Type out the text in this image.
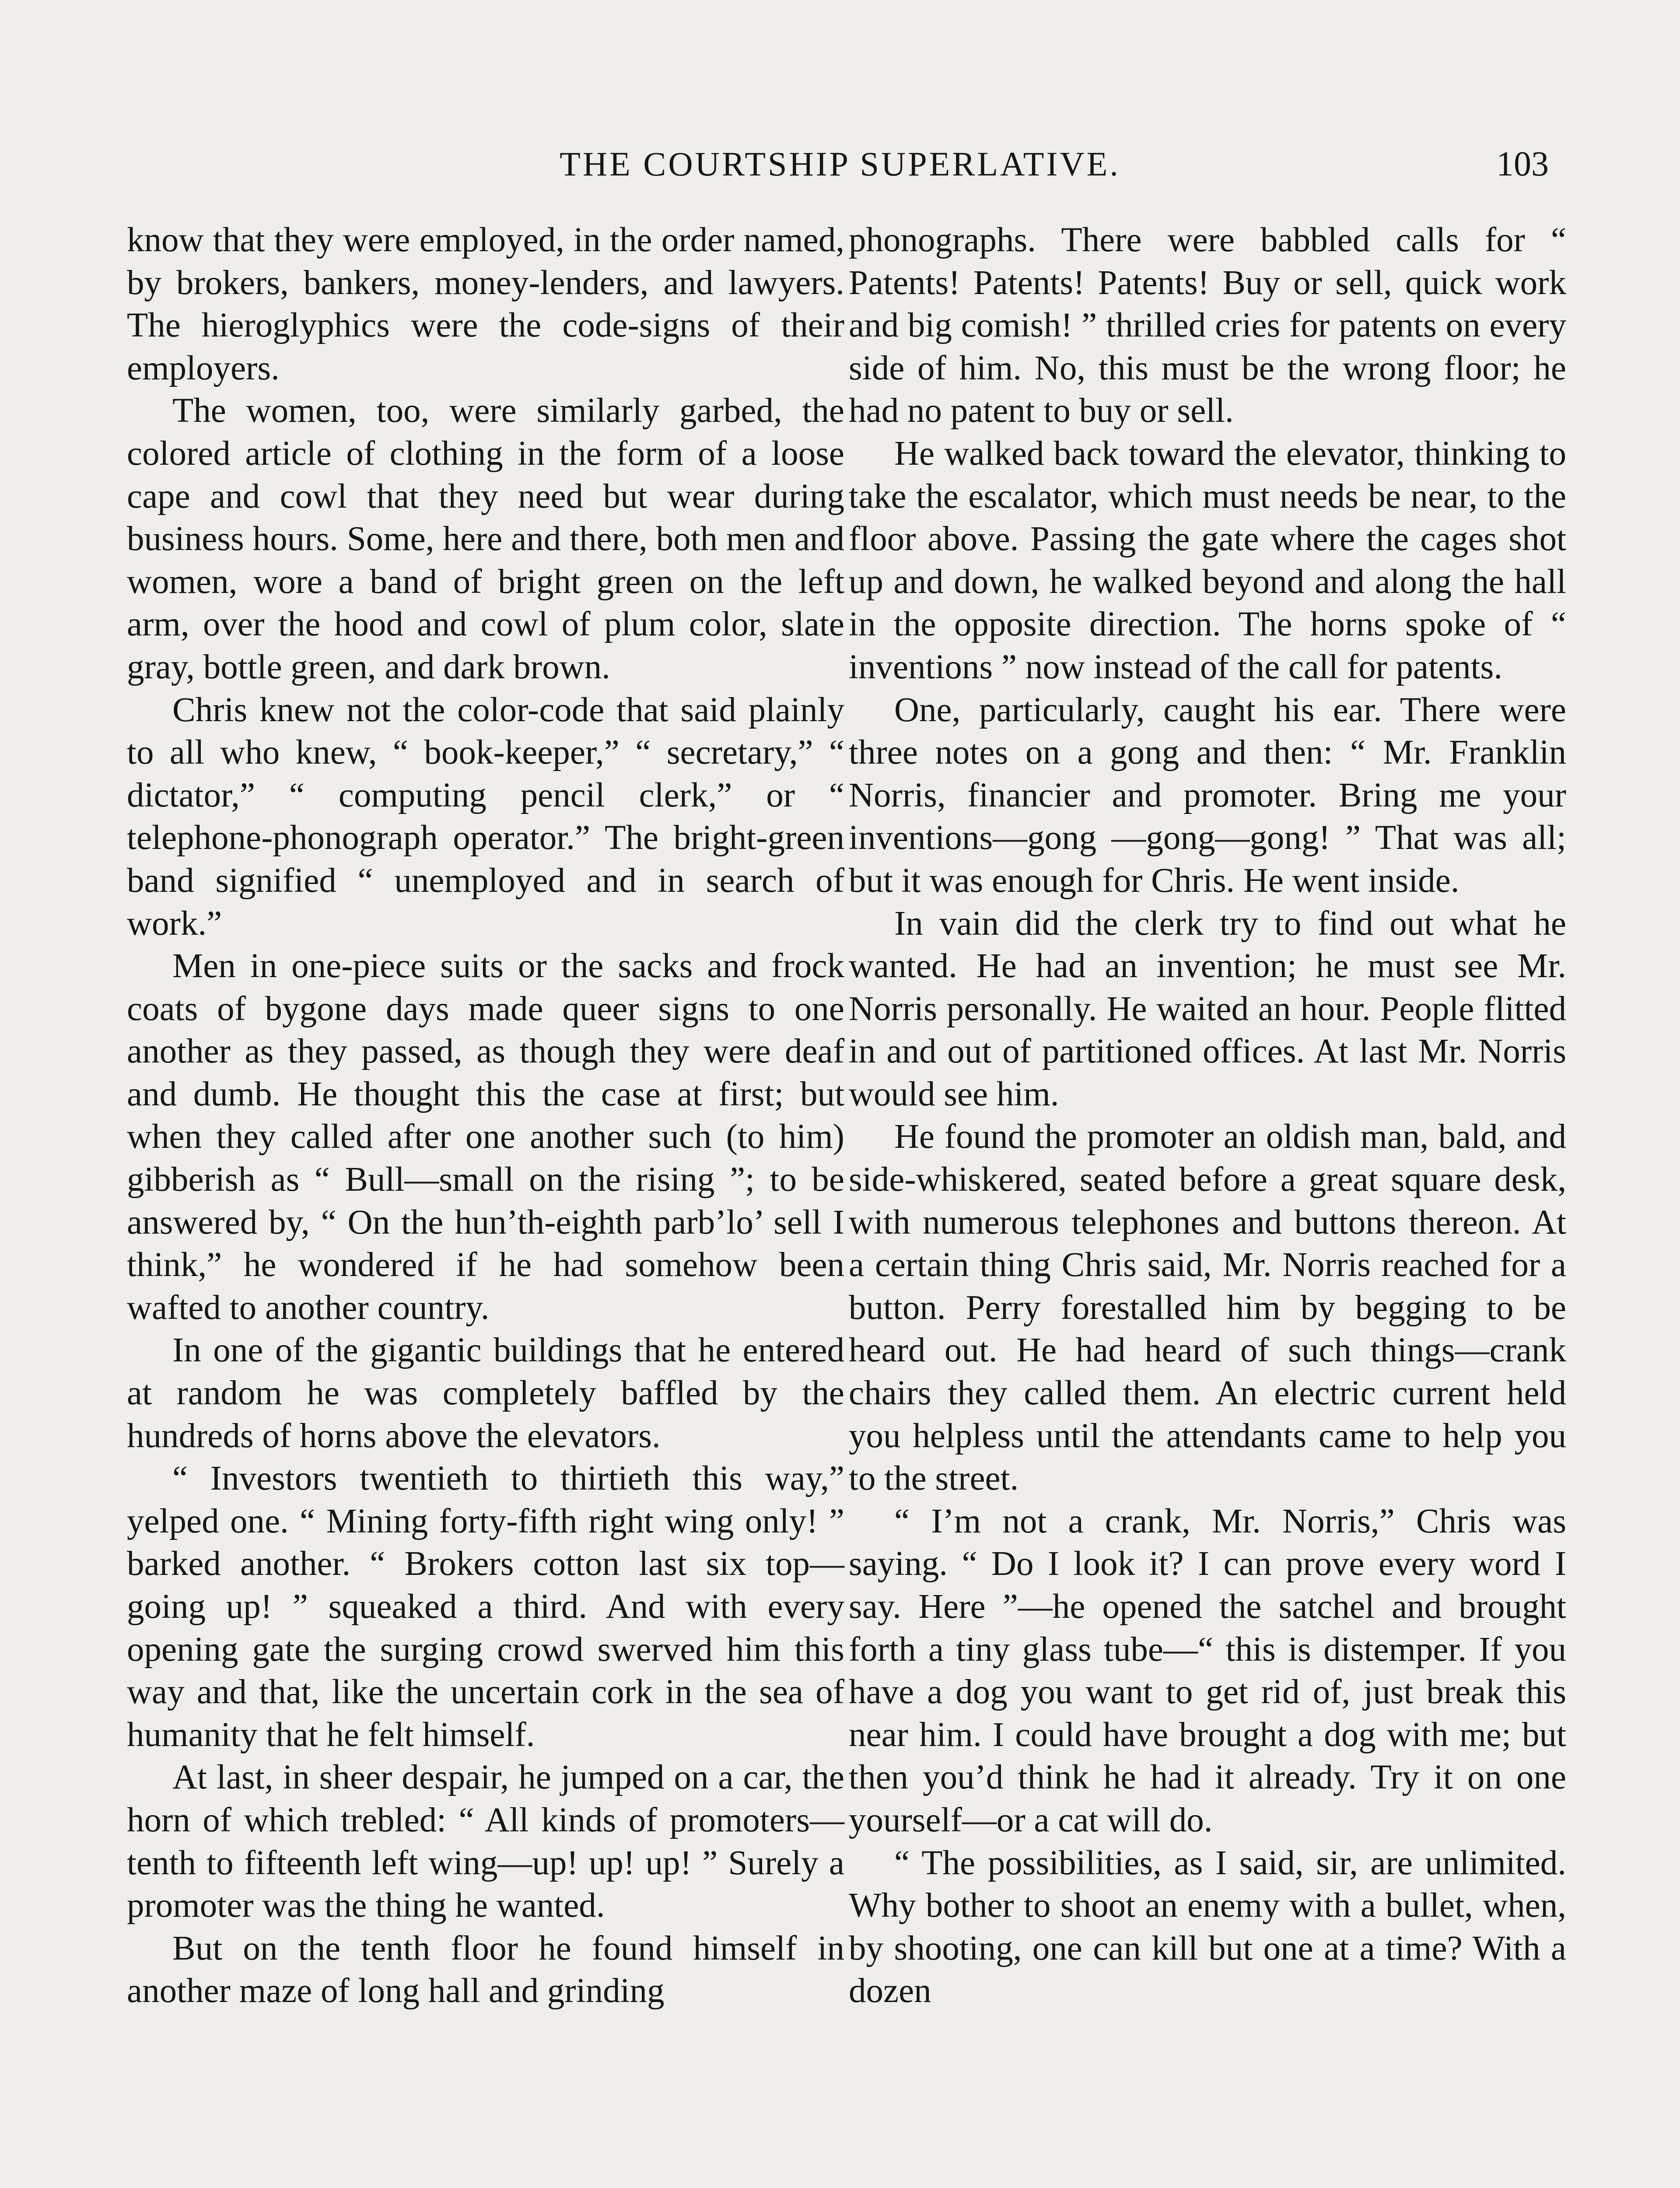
THE COURTSHIP SUPERLATIVE.	103

know that they were employed, in the order named, by brokers, bankers, money-lenders, and lawyers. The hieroglyphics were the code-signs of their employers.

The women, too, were similarly garbed, the colored article of clothing in the form of a loose cape and cowl that they need but wear during business hours. Some, here and there, both men and women, wore a band of bright green on the left arm, over the hood and cowl of plum color, slate gray, bottle green, and dark brown.

Chris knew not the color-code that said plainly to all who knew, “ book-keeper,” “ secretary,” “ dictator,” “ computing pencil clerk,” or “ telephone-phonograph operator.” The bright-green band signified “ unemployed and in search of work.”

Men in one-piece suits or the sacks and frock coats of bygone days made queer signs to one another as they passed, as though they were deaf and dumb. He thought this the case at first; but when they called after one another such (to him) gibberish as “ Bull—small on the rising ”; to be answered by, “ On the hun’th-eighth parb’lo’ sell I think,” he wondered if he had somehow been wafted to another country.

In one of the gigantic buildings that he entered at random he was completely baffled by the hundreds of horns above the elevators.

“ Investors twentieth to thirtieth this way,” yelped one. “ Mining forty-fifth right wing only! ” barked another. “ Brokers cotton last six top—going up! ” squeaked a third. And with every opening gate the surging crowd swerved him this way and that, like the uncertain cork in the sea of humanity that he felt himself.

At last, in sheer despair, he jumped on a car, the horn of which trebled: “ All kinds of promoters—tenth to fifteenth left wing—up! up! up! ” Surely a promoter was the thing he wanted.

But on the tenth floor he found himself in another maze of long hall and grinding

phonographs. There were babbled calls for “ Patents! Patents! Patents! Buy or sell, quick work and big comish! ” thrilled cries for patents on every side of him. No, this must be the wrong floor; he had no patent to buy or sell.

He walked back toward the elevator, thinking to take the escalator, which must needs be near, to the floor above. Passing the gate where the cages shot up and down, he walked beyond and along the hall in the opposite direction. The horns spoke of “ inventions ” now instead of the call for patents.

One, particularly, caught his ear. There were three notes on a gong and then: “ Mr. Franklin Norris, financier and promoter. Bring me your inventions—gong —gong—gong! ” That was all; but it was enough for Chris. He went inside.

In vain did the clerk try to find out what he wanted. He had an invention; he must see Mr. Norris personally. He waited an hour. People flitted in and out of partitioned offices. At last Mr. Norris would see him.

He found the promoter an oldish man, bald, and side-whiskered, seated before a great square desk, with numerous telephones and buttons thereon. At a certain thing Chris said, Mr. Norris reached for a button. Perry forestalled him by begging to be heard out. He had heard of such things—crank chairs they called them. An electric current held you helpless until the attendants came to help you to the street.

“ I’m not a crank, Mr. Norris,” Chris was saying. “ Do I look it? I can prove every word I say. Here ”—he opened the satchel and brought forth a tiny glass tube—“ this is distemper. If you have a dog you want to get rid of, just break this near him. I could have brought a dog with me; but then you’d think he had it already. Try it on one yourself—or a cat will do.

“ The possibilities, as I said, sir, are unlimited. Why bother to shoot an enemy with a bullet, when, by shooting, one can kill but one at a time? With a dozen
